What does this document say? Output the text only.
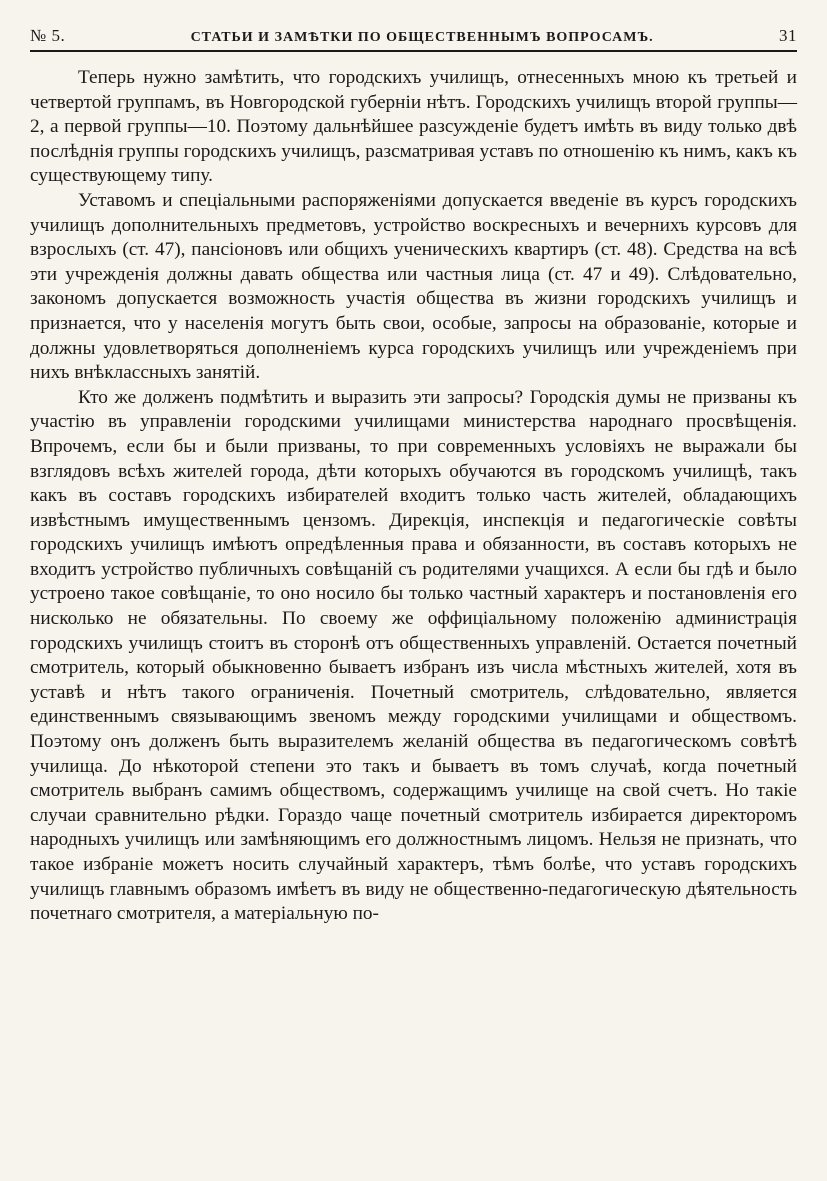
№ 5.	СТАТЬИ И ЗАМѢТКИ ПО ОБЩЕСТВЕННЫМЪ ВОПРОСАМЪ.	31

Теперь нужно замѣтить, что городскихъ училищъ, отнесенныхъ мною къ третьей и четвертой группамъ, въ Новгородской губерніи нѣтъ. Городскихъ училищъ второй группы—2, а первой группы—10. Поэтому дальнѣйшее разсужденіе будетъ имѣть въ виду только двѣ послѣднія группы городскихъ училищъ, разсматривая уставъ по отношенію къ нимъ, какъ къ существующему типу.

Уставомъ и спеціальными распоряженіями допускается введеніе въ курсъ городскихъ училищъ дополнительныхъ предметовъ, устройство воскресныхъ и вечернихъ курсовъ для взрослыхъ (ст. 47), пансіоновъ или общихъ ученическихъ квартиръ (ст. 48). Средства на всѣ эти учрежденія должны давать общества или частныя лица (ст. 47 и 49). Слѣдовательно, закономъ допускается возможность участія общества въ жизни городскихъ училищъ и признается, что у населенія могутъ быть свои, особые, запросы на образованіе, которые и должны удовлетворяться дополненіемъ курса городскихъ училищъ или учрежденіемъ при нихъ внѣклассныхъ занятій.

Кто же долженъ подмѣтить и выразить эти запросы? Городскія думы не призваны къ участію въ управленіи городскими училищами министерства народнаго просвѣщенія. Впрочемъ, если бы и были призваны, то при современныхъ условіяхъ не выражали бы взглядовъ всѣхъ жителей города, дѣти которыхъ обучаются въ городскомъ училищѣ, такъ какъ въ составъ городскихъ избирателей входитъ только часть жителей, обладающихъ извѣстнымъ имущественнымъ цензомъ. Дирекція, инспекція и педагогическіе совѣты городскихъ училищъ имѣютъ опредѣленныя права и обязанности, въ составъ которыхъ не входитъ устройство публичныхъ совѣщаній съ родителями учащихся. А если бы гдѣ и было устроено такое совѣщаніе, то оно носило бы только частный характеръ и постановленія его нисколько не обязательны. По своему же оффиціальному положенію администрація городскихъ училищъ стоитъ въ сторонѣ отъ общественныхъ управленій. Остается почетный смотритель, который обыкновенно бываетъ избранъ изъ числа мѣстныхъ жителей, хотя въ уставѣ и нѣтъ такого ограниченія. Почетный смотритель, слѣдовательно, является единственнымъ связывающимъ звеномъ между городскими училищами и обществомъ. Поэтому онъ долженъ быть выразителемъ желаній общества въ педагогическомъ совѣтѣ училища. До нѣкоторой степени это такъ и бываетъ въ томъ случаѣ, когда почетный смотритель выбранъ самимъ обществомъ, содержащимъ училище на свой счетъ. Но такіе случаи сравнительно рѣдки. Гораздо чаще почетный смотритель избирается директоромъ народныхъ училищъ или замѣняющимъ его должностнымъ лицомъ. Нельзя не признать, что такое избраніе можетъ носить случайный характеръ, тѣмъ болѣе, что уставъ городскихъ училищъ главнымъ образомъ имѣетъ въ виду не общественно-педагогическую дѣятельность почетнаго смотрителя, а матеріальную по-
